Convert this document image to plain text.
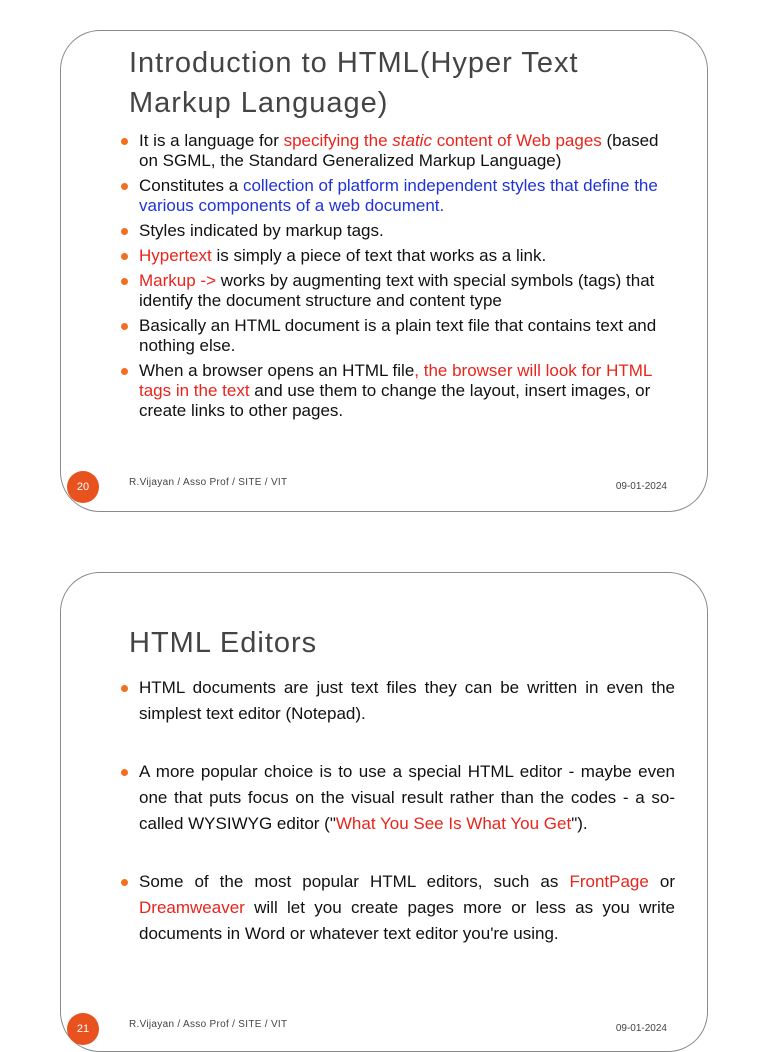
Introduction to HTML(Hyper Text Markup Language)
It is a language for specifying the static content of Web pages (based on SGML, the Standard Generalized Markup Language)
Constitutes a collection of platform independent styles that define the various components of a web document.
Styles indicated by markup tags.
Hypertext is simply a piece of text that works as a link.
Markup -> works by augmenting text with special symbols (tags) that identify the document structure and content type
Basically an HTML document is a plain text file that contains text and nothing else.
When a browser opens an HTML file, the browser will look for HTML tags in the text and use them to change the layout, insert images, or create links to other pages.
20	R.Vijayan / Asso Prof / SITE / VIT	09-01-2024
HTML Editors
HTML documents are just text files they can be written in even the simplest text editor (Notepad).
A more popular choice is to use a special HTML editor - maybe even one that puts focus on the visual result rather than the codes - a so-called WYSIWYG editor ("What You See Is What You Get").
Some of the most popular HTML editors, such as FrontPage or Dreamweaver will let you create pages more or less as you write documents in Word or whatever text editor you're using.
21	R.Vijayan / Asso Prof / SITE / VIT	09-01-2024
